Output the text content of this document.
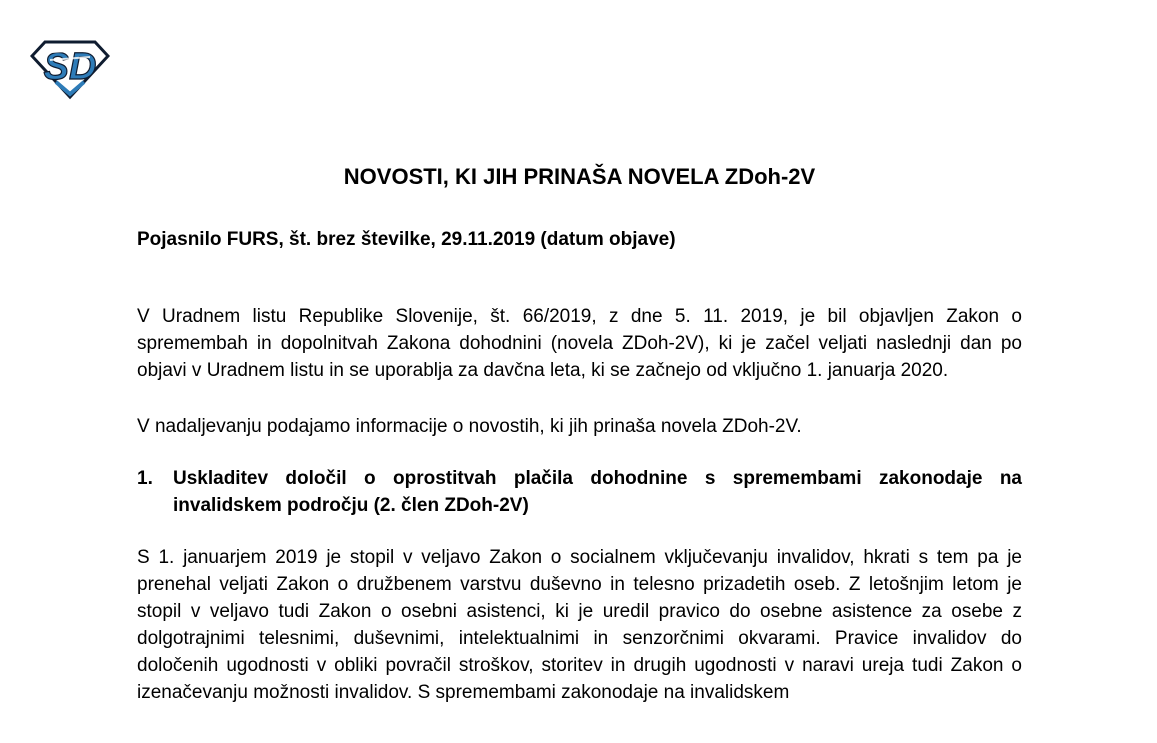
SD
NOVOSTI, KI JIH PRINAŠA NOVELA ZDoh-2V

Pojasnilo FURS, št. brez številke, 29.11.2019 (datum objave)

V Uradnem listu Republike Slovenije, št. 66/2019, z dne 5. 11. 2019, je bil objavljen Zakon o spremembah in dopolnitvah Zakona dohodnini (novela ZDoh-2V), ki je začel veljati naslednji dan po objavi v Uradnem listu in se uporablja za davčna leta, ki se začnejo od vključno 1. januarja 2020.

V nadaljevanju podajamo informacije o novostih, ki jih prinaša novela ZDoh-2V.

1.	Uskladitev določil o oprostitvah plačila dohodnine s spremembami zakonodaje na invalidskem področju (2. člen ZDoh-2V)

S 1. januarjem 2019 je stopil v veljavo Zakon o socialnem vključevanju invalidov, hkrati s tem pa je prenehal veljati Zakon o družbenem varstvu duševno in telesno prizadetih oseb. Z letošnjim letom je stopil v veljavo tudi Zakon o osebni asistenci, ki je uredil pravico do osebne asistence za osebe z dolgotrajnimi telesnimi, duševnimi, intelektualnimi in senzorčnimi okvarami. Pravice invalidov do določenih ugodnosti v obliki povračil stroškov, storitev in drugih ugodnosti v naravi ureja tudi Zakon o izenačevanju možnosti invalidov. S spremembami zakonodaje na invalidskem
